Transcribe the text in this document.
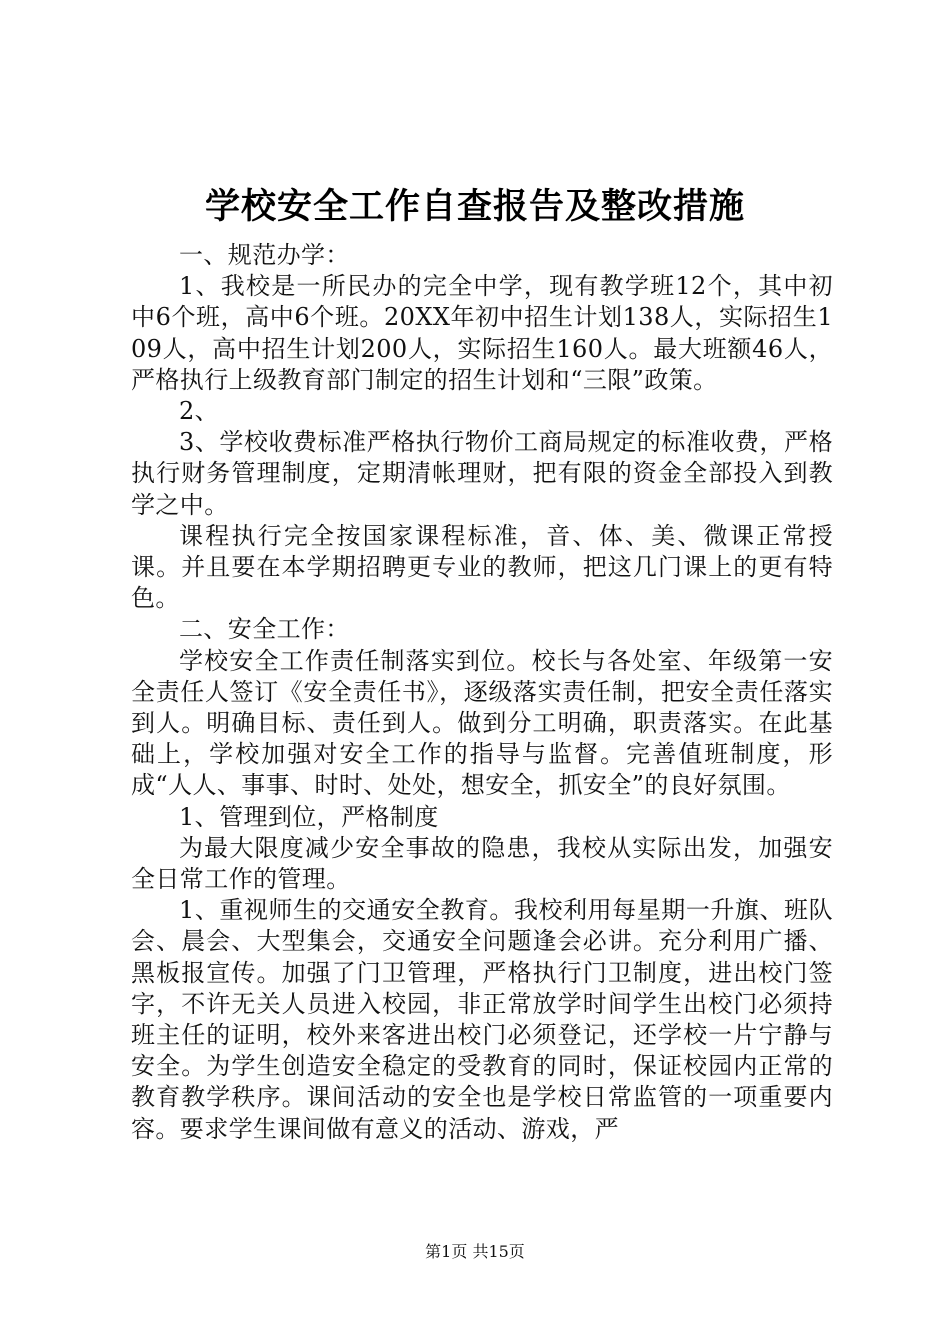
学校安全工作自查报告及整改措施

一、规范办学：

1、我校是一所民办的完全中学，现有教学班12个，其中初中6个班，高中6个班。20XX年初中招生计划138人，实际招生109人，高中招生计划200人，实际招生160人。最大班额46人，严格执行上级教育部门制定的招生计划和“三限”政策。

2、

3、学校收费标准严格执行物价工商局规定的标准收费，严格执行财务管理制度，定期清帐理财，把有限的资金全部投入到教学之中。

课程执行完全按国家课程标准，音、体、美、微课正常授课。并且要在本学期招聘更专业的教师，把这几门课上的更有特色。

二、安全工作：

学校安全工作责任制落实到位。校长与各处室、年级第一安全责任人签订《安全责任书》，逐级落实责任制，把安全责任落实到人。明确目标、责任到人。做到分工明确，职责落实。在此基础上，学校加强对安全工作的指导与监督。完善值班制度，形成“人人、事事、时时、处处，想安全，抓安全”的良好氛围。

1、管理到位，严格制度

为最大限度减少安全事故的隐患，我校从实际出发，加强安全日常工作的管理。

1、重视师生的交通安全教育。我校利用每星期一升旗、班队会、晨会、大型集会，交通安全问题逢会必讲。充分利用广播、黑板报宣传。加强了门卫管理，严格执行门卫制度，进出校门签字，不许无关人员进入校园，非正常放学时间学生出校门必须持班主任的证明，校外来客进出校门必须登记，还学校一片宁静与安全。为学生创造安全稳定的受教育的同时，保证校园内正常的教育教学秩序。课间活动的安全也是学校日常监管的一项重要内容。要求学生课间做有意义的活动、游戏，严

第1页 共15页
